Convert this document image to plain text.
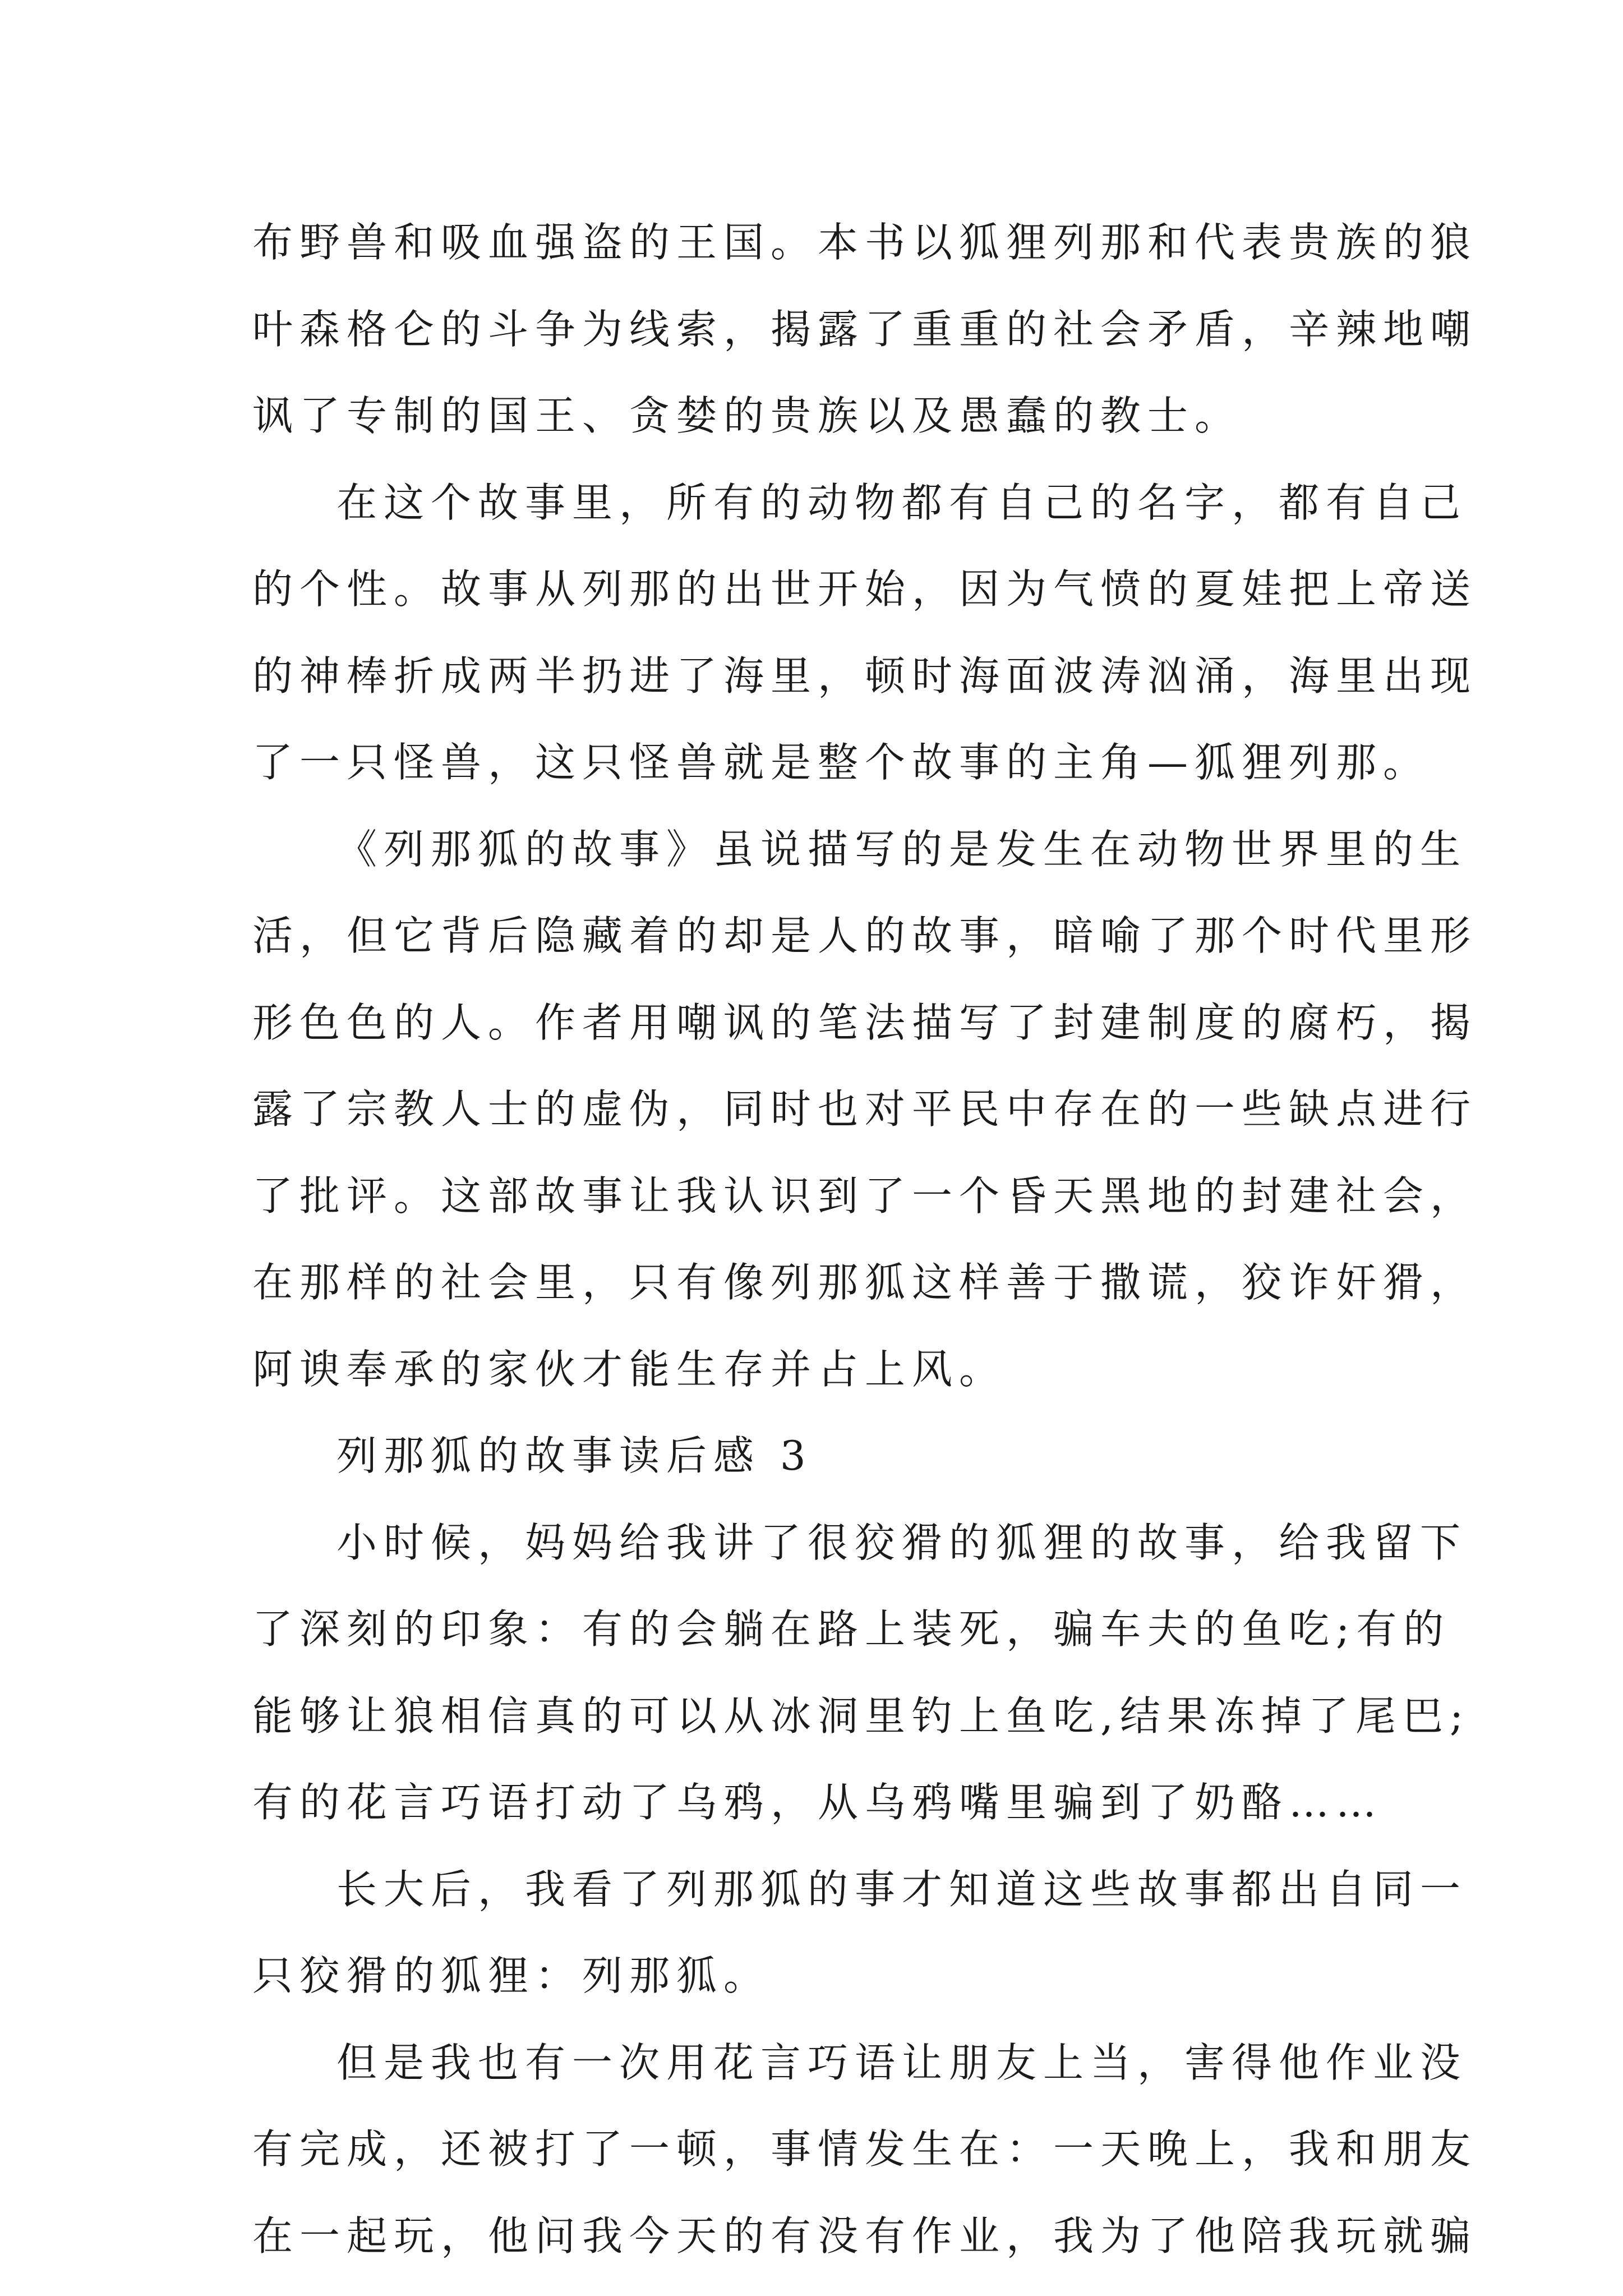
布野兽和吸血强盗的王国。本书以狐狸列那和代表贵族的狼
叶森格仑的斗争为线索，揭露了重重的社会矛盾，辛辣地嘲
讽了专制的国王、贪婪的贵族以及愚蠢的教士。
在这个故事里，所有的动物都有自己的名字，都有自己
的个性。故事从列那的出世开始，因为气愤的夏娃把上帝送
的神棒折成两半扔进了海里，顿时海面波涛汹涌，海里出现
了一只怪兽，这只怪兽就是整个故事的主角—狐狸列那。
《列那狐的故事》虽说描写的是发生在动物世界里的生
活，但它背后隐藏着的却是人的故事，暗喻了那个时代里形
形色色的人。作者用嘲讽的笔法描写了封建制度的腐朽，揭
露了宗教人士的虚伪，同时也对平民中存在的一些缺点进行
了批评。这部故事让我认识到了一个昏天黑地的封建社会，
在那样的社会里，只有像列那狐这样善于撒谎，狡诈奸猾，
阿谀奉承的家伙才能生存并占上风。
列那狐的故事读后感 3
小时候，妈妈给我讲了很狡猾的狐狸的故事，给我留下
了深刻的印象：有的会躺在路上装死，骗车夫的鱼吃;有的
能够让狼相信真的可以从冰洞里钓上鱼吃,结果冻掉了尾巴;
有的花言巧语打动了乌鸦，从乌鸦嘴里骗到了奶酪……
长大后，我看了列那狐的事才知道这些故事都出自同一
只狡猾的狐狸：列那狐。
但是我也有一次用花言巧语让朋友上当，害得他作业没
有完成，还被打了一顿，事情发生在：一天晚上，我和朋友
在一起玩，他问我今天的有没有作业，我为了他陪我玩就骗
